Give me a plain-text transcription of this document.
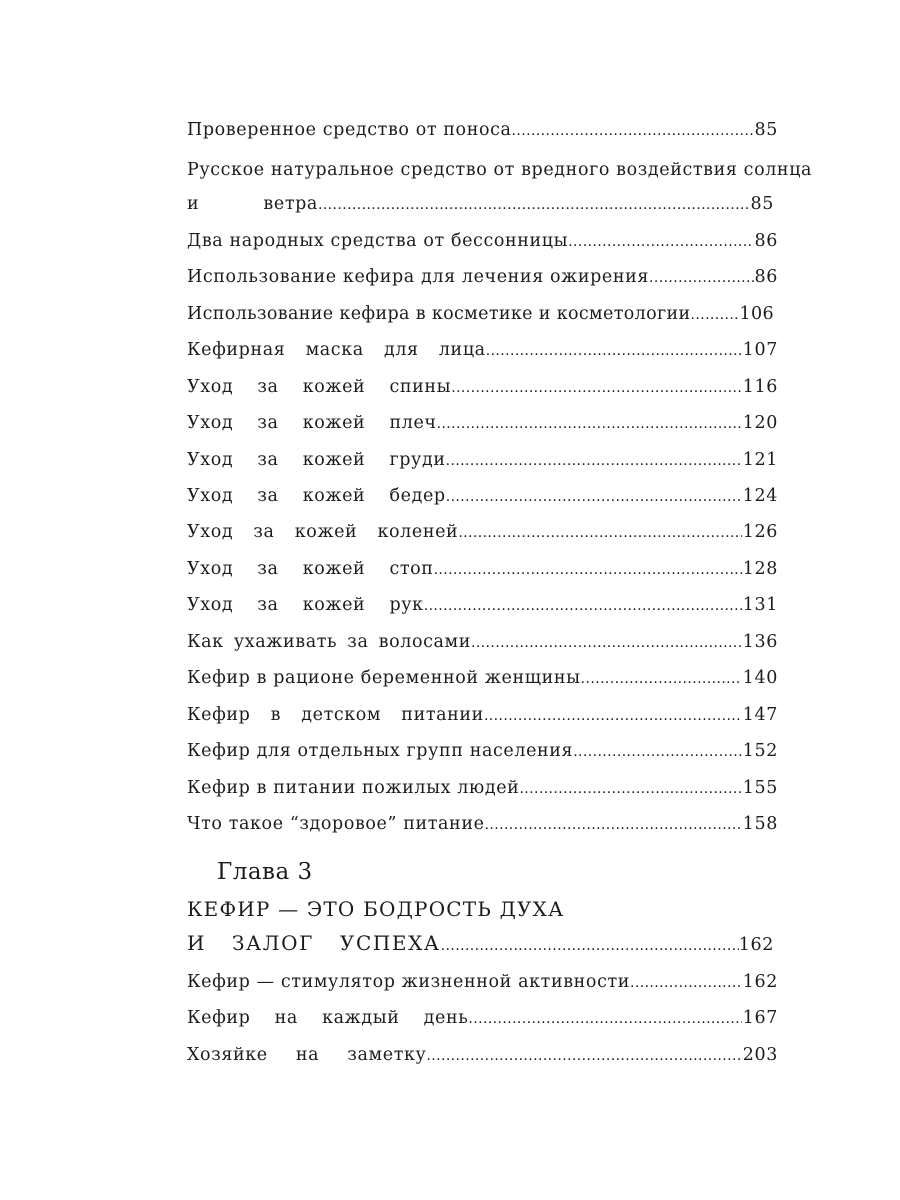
Проверенное средство от поноса .....	85
Русское натуральное средство от вредного воздействия солнца
и ветра .....	85
Два народных средства от бессонницы .....	86
Использование кефира для лечения ожирения .....	86
Использование кефира в косметике и косметологии .....	106
Кефирная маска для лица .....	107
Уход за кожей спины .....	116
Уход за кожей плеч .....	120
Уход за кожей груди .....	121
Уход за кожей бедер .....	124
Уход за кожей коленей .....	126
Уход за кожей стоп .....	128
Уход за кожей рук .....	131
Как ухаживать за волосами .....	136
Кефир в рационе беременной женщины .....	140
Кефир в детском питании .....	147
Кефир для отдельных групп населения .....	152
Кефир в питании пожилых людей .....	155
Что такое “здоровое” питание .....	158
Глава 3
КЕФИР — ЭТО БОДРОСТЬ ДУХА
И ЗАЛОГ УСПЕХА .....	162
Кефир — стимулятор жизненной активности .....	162
Кефир на каждый день .....	167
Хозяйке на заметку .....	203
